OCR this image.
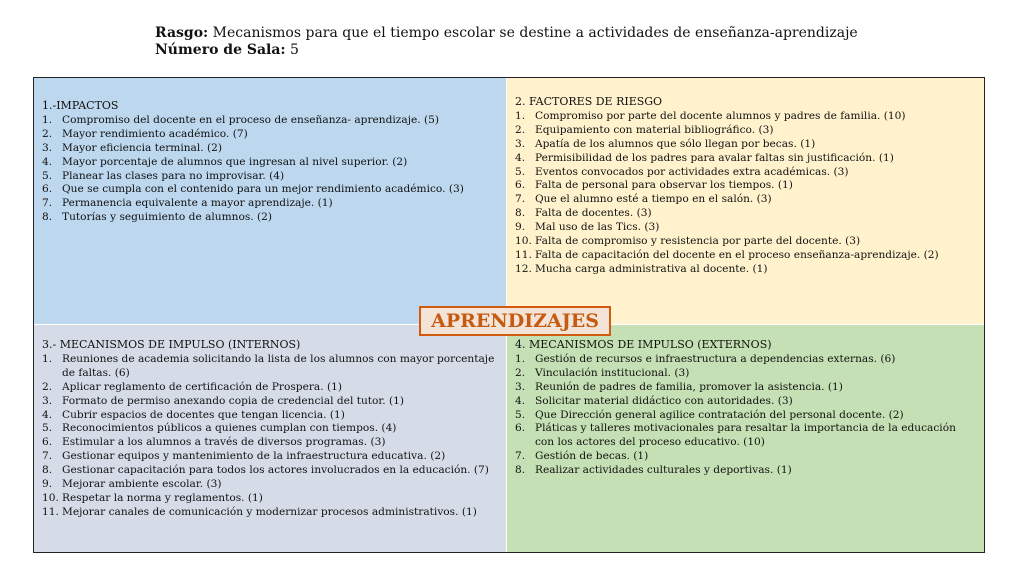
Rasgo: Mecanismos para que el tiempo escolar se destine a actividades de enseñanza-aprendizaje
Número de Sala: 5
1.-IMPACTOS
1. Compromiso del docente en el proceso de enseñanza- aprendizaje. (5)
2. Mayor rendimiento académico. (7)
3. Mayor eficiencia terminal. (2)
4. Mayor porcentaje de alumnos que ingresan al nivel superior. (2)
5. Planear las clases para no improvisar. (4)
6. Que se cumpla con el contenido para un mejor rendimiento académico. (3)
7. Permanencia equivalente a mayor aprendizaje. (1)
8. Tutorías y seguimiento de alumnos. (2)
2. FACTORES DE RIESGO
1. Compromiso por parte del docente alumnos y padres de familia. (10)
2. Equipamiento con material bibliográfico. (3)
3. Apatía de los alumnos que sólo llegan por becas. (1)
4. Permisibilidad de los padres para avalar faltas sin justificación. (1)
5. Eventos convocados por actividades extra académicas. (3)
6. Falta de personal para observar los tiempos. (1)
7. Que el alumno esté a tiempo en el salón. (3)
8. Falta de docentes. (3)
9. Mal uso de las Tics. (3)
10. Falta de compromiso y resistencia por parte del docente. (3)
11. Falta de capacitación del docente en el proceso enseñanza-aprendizaje. (2)
12. Mucha carga administrativa al docente. (1)
3.- MECANISMOS DE IMPULSO (INTERNOS)
1. Reuniones de academia solicitando la lista de los alumnos con mayor porcentaje de faltas. (6)
2. Aplicar reglamento de certificación de Prospera. (1)
3. Formato de permiso anexando copia de credencial del tutor. (1)
4. Cubrir espacios de docentes que tengan licencia. (1)
5. Reconocimientos públicos a quienes cumplan con tiempos. (4)
6. Estimular a los alumnos a través de diversos programas. (3)
7. Gestionar equipos y mantenimiento de la infraestructura educativa. (2)
8. Gestionar capacitación para todos los actores involucrados en la educación. (7)
9. Mejorar ambiente escolar. (3)
10. Respetar la norma y reglamentos. (1)
11. Mejorar canales de comunicación y modernizar procesos administrativos. (1)
4. MECANISMOS DE IMPULSO (EXTERNOS)
1. Gestión de recursos e infraestructura a dependencias externas. (6)
2. Vinculación institucional. (3)
3. Reunión de padres de familia, promover la asistencia. (1)
4. Solicitar material didáctico con autoridades. (3)
5. Que Dirección general agilice contratación del personal docente. (2)
6. Pláticas y talleres motivacionales para resaltar la importancia de la educación con los actores del proceso educativo. (10)
7. Gestión de becas. (1)
8. Realizar actividades culturales y deportivas. (1)
APRENDIZAJES
